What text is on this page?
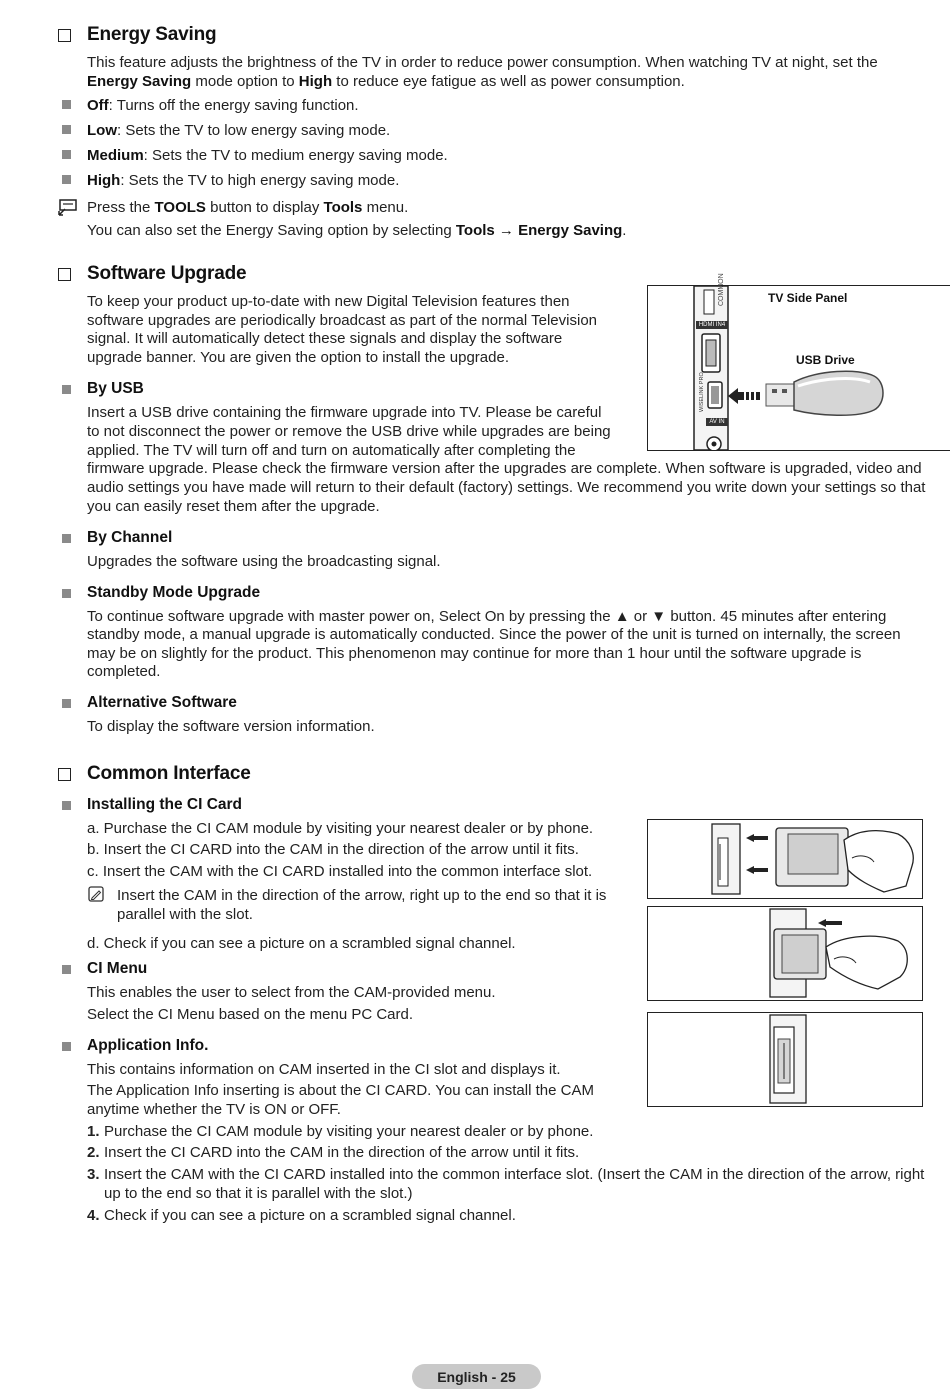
Energy Saving
This feature adjusts the brightness of the TV in order to reduce power consumption. When watching TV at night, set the
Energy Saving mode option to High to reduce eye fatigue as well as power consumption.
Off: Turns off the energy saving function.
Low: Sets the TV to low energy saving mode.
Medium: Sets the TV to medium energy saving mode.
High: Sets the TV to high energy saving mode.
Press the TOOLS button to display Tools menu.
You can also set the Energy Saving option by selecting Tools → Energy Saving.
Software Upgrade
To keep your product up-to-date with new Digital Television features then
software upgrades are periodically broadcast as part of the normal Television
signal. It will automatically detect these signals and display the software
upgrade banner. You are given the option to install the upgrade.
HDMI IN4
WISELINK PRO
AV IN
TV Side Panel
USB Drive
By USB
Insert a USB drive containing the firmware upgrade into TV. Please be careful
to not disconnect the power or remove the USB drive while upgrades are being
applied. The TV will turn off and turn on automatically after completing the
firmware upgrade. Please check the firmware version after the upgrades are complete. When software is upgraded, video and
audio settings you have made will return to their default (factory) settings. We recommend you write down your settings so that
you can easily reset them after the upgrade.
By Channel
Upgrades the software using the broadcasting signal.
Standby Mode Upgrade
To continue software upgrade with master power on, Select On by pressing the ▲ or ▼ button. 45 minutes after entering
standby mode, a manual upgrade is automatically conducted. Since the power of the unit is turned on internally, the screen
may be on slightly for the product. This phenomenon may continue for more than 1 hour until the software upgrade is
completed.
Alternative Software
To display the software version information.
Common Interface
Installing the CI Card
a. Purchase the CI CAM module by visiting your nearest dealer or by phone.
b. Insert the CI CARD into the CAM in the direction of the arrow until it fits.
c. Insert the CAM with the CI CARD installed into the common interface slot.
Insert the CAM in the direction of the arrow, right up to the end so that it is
parallel with the slot.
d. Check if you can see a picture on a scrambled signal channel.
CI Menu
This enables the user to select from the CAM-provided menu.
Select the CI Menu based on the menu PC Card.
Application Info.
This contains information on CAM inserted in the CI slot and displays it.
The Application Info inserting is about the CI CARD. You can install the CAM
anytime whether the TV is ON or OFF.
1. Purchase the CI CAM module by visiting your nearest dealer or by phone.
2. Insert the CI CARD into the CAM in the direction of the arrow until it fits.
3. Insert the CAM with the CI CARD installed into the common interface slot. (Insert the CAM in the direction of the arrow, right
up to the end so that it is parallel with the slot.)
4. Check if you can see a picture on a scrambled signal channel.
English - 25
